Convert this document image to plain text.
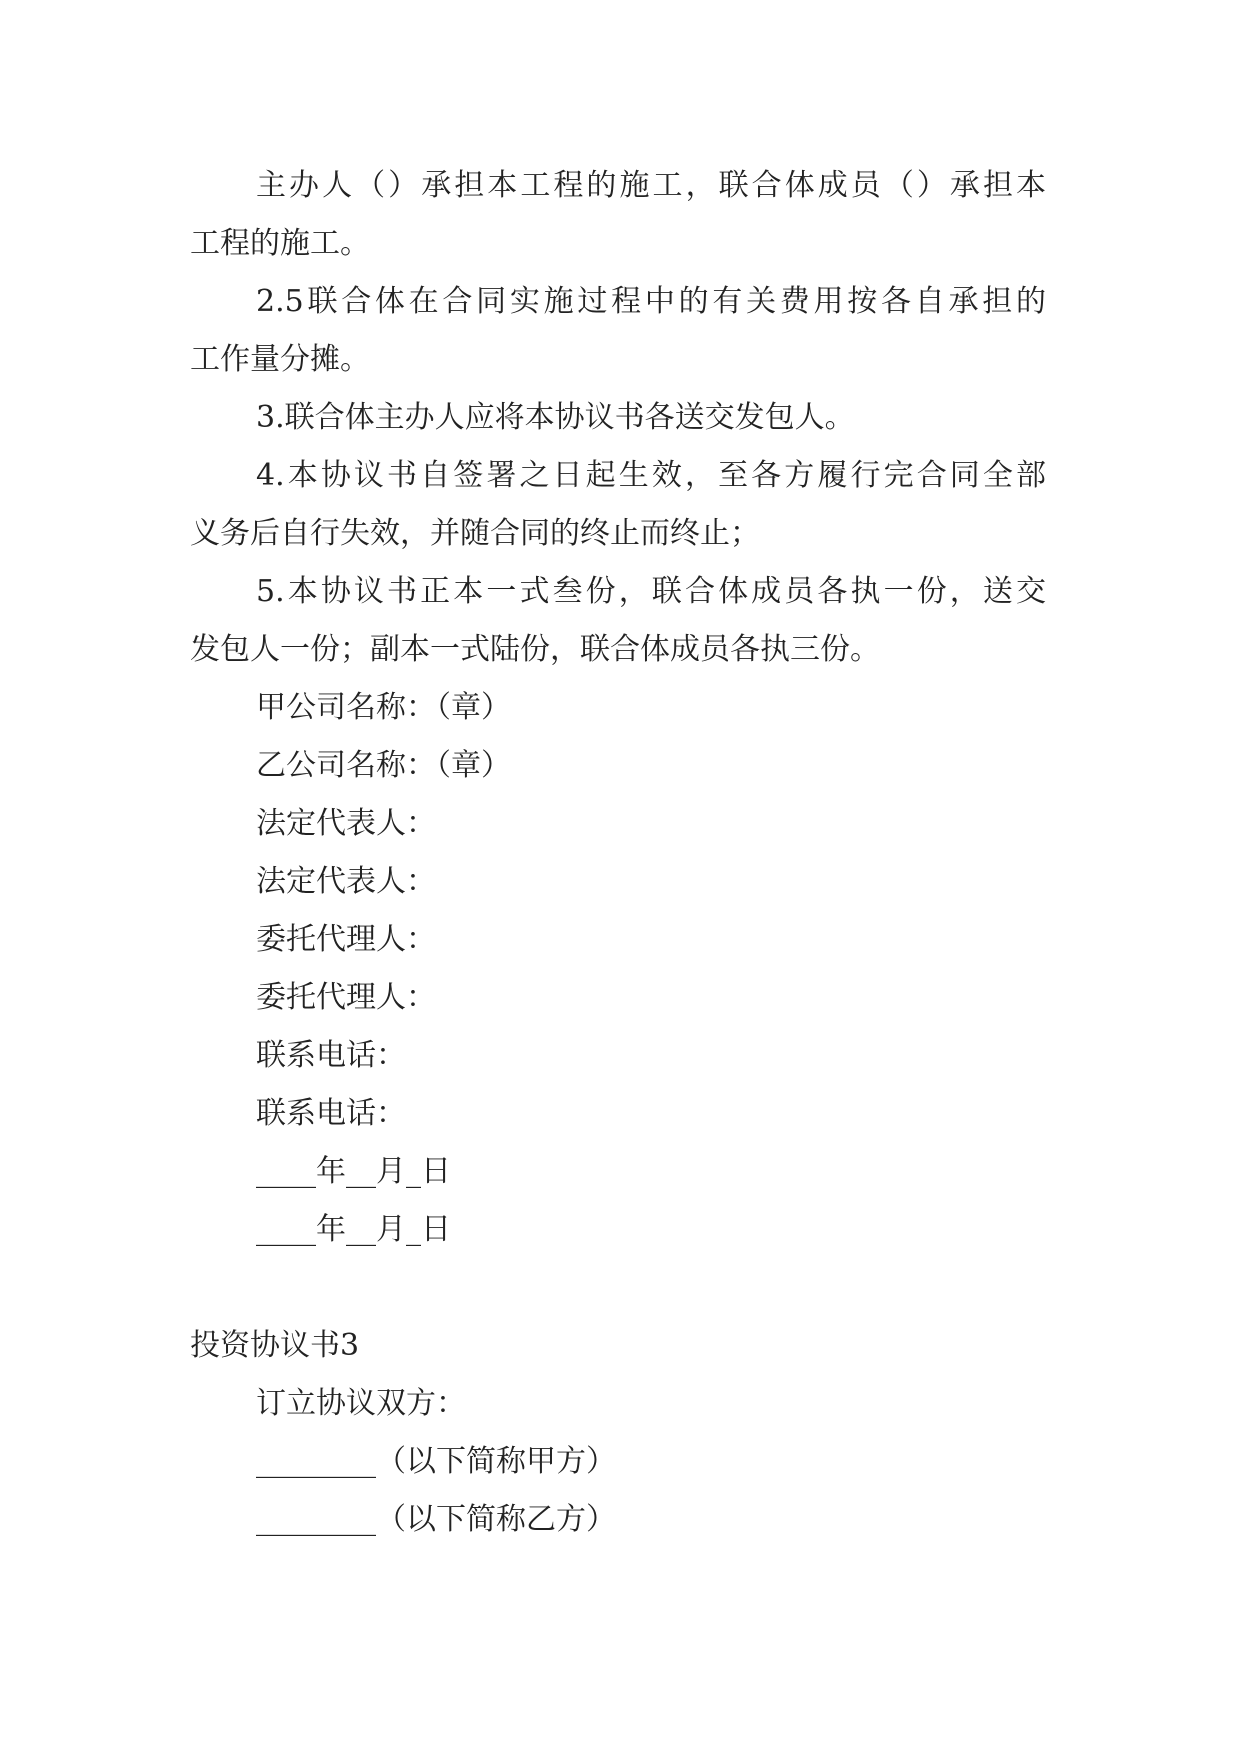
主办人（）承担本工程的施工，联合体成员（）承担本
工程的施工。
2.5联合体在合同实施过程中的有关费用按各自承担的
工作量分摊。
3.联合体主办人应将本协议书各送交发包人。
4.本协议书自签署之日起生效，至各方履行完合同全部
义务后自行失效，并随合同的终止而终止；
5.本协议书正本一式叁份，联合体成员各执一份，送交
发包人一份；副本一式陆份，联合体成员各执三份。
甲公司名称：（章）
乙公司名称：（章）
法定代表人：
法定代表人：
委托代理人：
委托代理人：
联系电话：
联系电话：
____年__月_日
____年__月_日
投资协议书3
订立协议双方：
________（以下简称甲方）
________（以下简称乙方）
